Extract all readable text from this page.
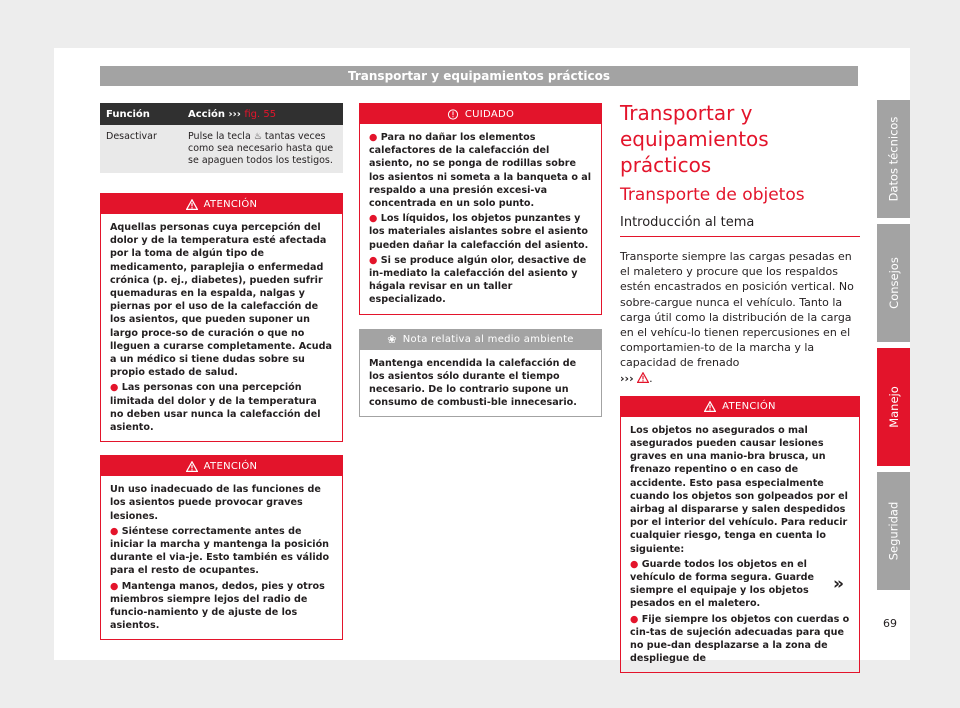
Transportar y equipamientos prácticos
Datos técnicos
Consejos
Manejo
Seguridad
Función	Acción ››› fig. 55
Desactivar	Pulse la tecla ♨ tantas veces como sea necesario hasta que se apaguen todos los testigos.
ATENCIÓN
Aquellas personas cuya percepción del dolor y de la temperatura esté afectada por la toma de algún tipo de medicamento, paraplejia o enfermedad crónica (p. ej., diabetes), pueden sufrir quemaduras en la espalda, nalgas y piernas por el uso de la calefacción de los asientos, que pueden suponer un largo proce-so de curación o que no lleguen a curarse completamente. Acuda a un médico si tiene dudas sobre su propio estado de salud.
● Las personas con una percepción limitada del dolor y de la temperatura no deben usar nunca la calefacción del asiento.
ATENCIÓN
Un uso inadecuado de las funciones de los asientos puede provocar graves lesiones.
● Siéntese correctamente antes de iniciar la marcha y mantenga la posición durante el via-je. Esto también es válido para el resto de ocupantes.
● Mantenga manos, dedos, pies y otros miembros siempre lejos del radio de funcio-namiento y de ajuste de los asientos.
CUIDADO
● Para no dañar los elementos calefactores de la calefacción del asiento, no se ponga de rodillas sobre los asientos ni someta a la banqueta o al respaldo a una presión excesi-va concentrada en un solo punto.
● Los líquidos, los objetos punzantes y los materiales aislantes sobre el asiento pueden dañar la calefacción del asiento.
● Si se produce algún olor, desactive de in-mediato la calefacción del asiento y hágala revisar en un taller especializado.
❀ Nota relativa al medio ambiente
Mantenga encendida la calefacción de los asientos sólo durante el tiempo necesario. De lo contrario supone un consumo de combusti-ble innecesario.
Transportar y
equipamientos prácticos
Transporte de objetos
Introducción al tema
Transporte siempre las cargas pesadas en el maletero y procure que los respaldos estén encastrados en posición vertical. No sobre-cargue nunca el vehículo. Tanto la carga útil como la distribución de la carga en el vehícu-lo tienen repercusiones en el comportamien-to de la marcha y la capacidad de frenado
››› .
ATENCIÓN
Los objetos no asegurados o mal asegurados pueden causar lesiones graves en una manio-bra brusca, un frenazo repentino o en caso de accidente. Esto pasa especialmente cuando los objetos son golpeados por el airbag al dispararse y salen despedidos por el interior del vehículo. Para reducir cualquier riesgo, tenga en cuenta lo siguiente:
● Guarde todos los objetos en el vehículo de forma segura. Guarde siempre el equipaje y los objetos pesados en el maletero.
● Fije siempre los objetos con cuerdas o cin-tas de sujeción adecuadas para que no pue-dan desplazarse a la zona de despliegue de
»
69
